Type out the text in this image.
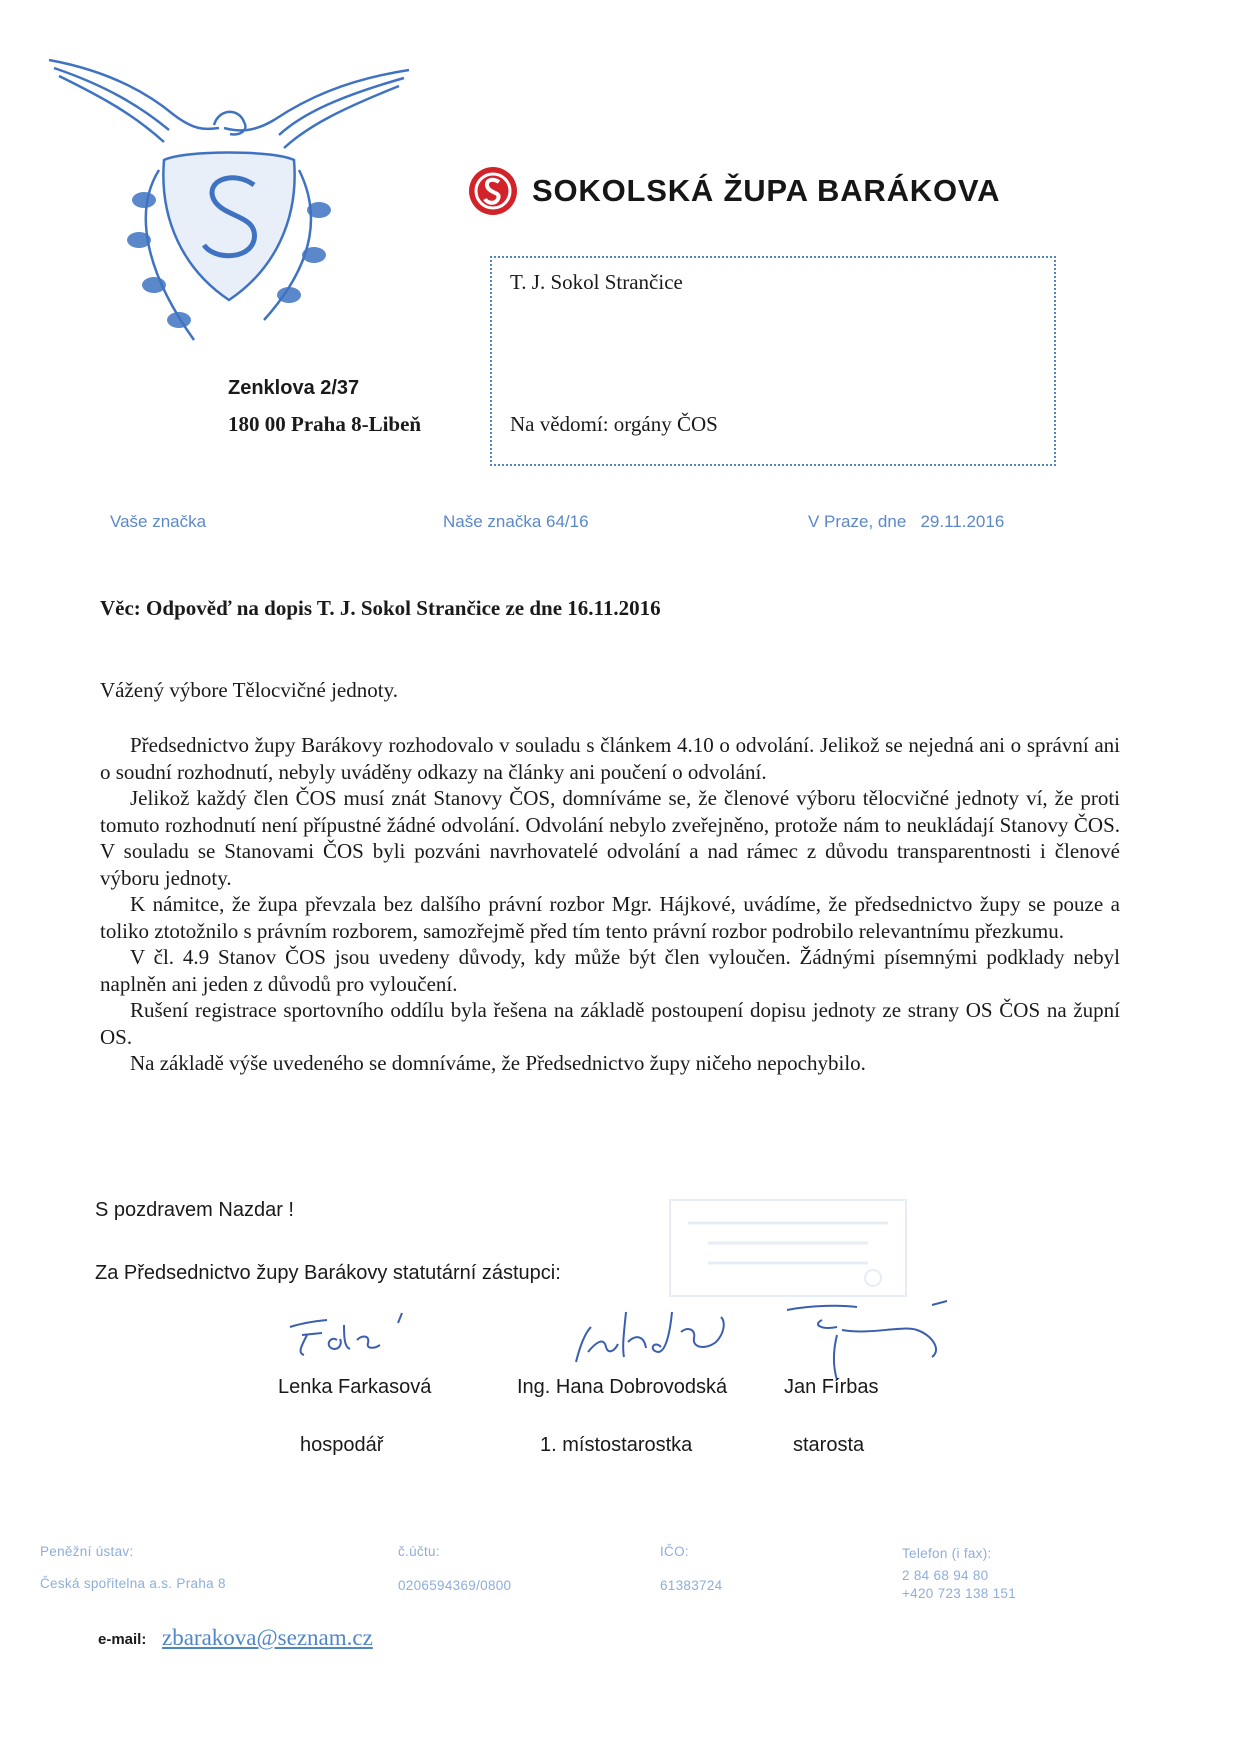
SOKOLSKÁ ŽUPA BARÁKOVA
Zenklova 2/37
180 00 Praha 8-Libeň
T. J. Sokol Strančice
Na vědomí: orgány ČOS
Vaše značka	Naše značka 64/16	V Praze, dne   29.11.2016
Věc: Odpověď na dopis T. J. Sokol Strančice ze dne 16.11.2016
Vážený výbore Tělocvičné jednoty.

Předsednictvo župy Barákovy rozhodovalo v souladu s článkem 4.10 o odvolání. Jelikož se nejedná ani o správní ani o soudní rozhodnutí, nebyly uváděny odkazy na články ani poučení o odvolání.

Jelikož každý člen ČOS musí znát Stanovy ČOS, domníváme se, že členové výboru tělocvičné jednoty ví, že proti tomuto rozhodnutí není přípustné žádné odvolání. Odvolání nebylo zveřejněno, protože nám to neukládají Stanovy ČOS. V souladu se Stanovami ČOS byli pozváni navrhovatelé odvolání a nad rámec z důvodu transparentnosti i členové výboru jednoty.

K námitce, že župa převzala bez dalšího právní rozbor Mgr. Hájkové, uvádíme, že předsednictvo župy se pouze a toliko ztotožnilo s právním rozborem, samozřejmě před tím tento právní rozbor podrobilo relevantnímu přezkumu.

V čl. 4.9 Stanov ČOS jsou uvedeny důvody, kdy může být člen vyloučen. Žádnými písemnými podklady nebyl naplněn ani jeden z důvodů pro vyloučení.

Rušení registrace sportovního oddílu byla řešena na základě postoupení dopisu jednoty ze strany OS ČOS na župní OS.

Na základě výše uvedeného se domníváme, že Předsednictvo župy ničeho nepochybilo.

S pozdravem Nazdar !
Za Předsednictvo župy Barákovy statutární zástupci:
Lenka Farkasová	Ing. Hana Dobrovodská	Jan Fírbas
hospodář	1. místostarostka	starosta
Peněžní ústav:
Česká spořitelna a.s. Praha 8
č.účtu:
0206594369/0800
IČO:
61383724
Telefon (i fax):
2 84 68 94 80
+420 723 138 151
e-mail: zbarakova@seznam.cz
